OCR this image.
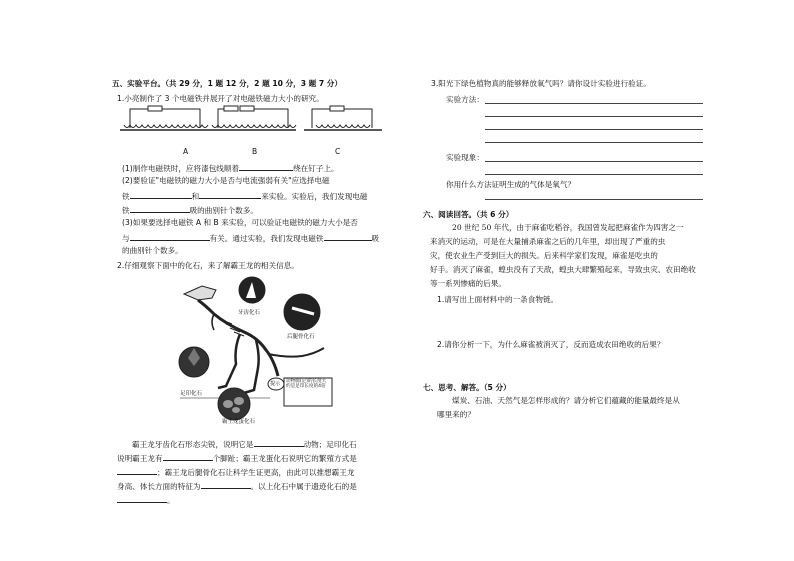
五、实验平台。（共 29 分，1 题 12 分，2 题 10 分，3 题 7 分）
1.小亮制作了 3 个电磁铁并展开了对电磁铁磁力大小的研究。
A	B	C
(1)制作电磁铁时，应将漆包线顺着	绕在钉子上。
(2)要验证"电磁铁的磁力大小是否与电流强弱有关"应选择电磁
铁	和	来实验。实验后，我们发现电磁
铁	吸的曲别针个数多。
(3)如果要选择电磁铁 A 和 B 来实验，可以验证电磁铁的磁力大小是否
与	有关。通过实验，我们发现电磁铁	吸
的曲别针个数多。
2.仔细观察下面中的化石，来了解霸王龙的相关信息。
牙齿化石
后腿骨化石
足印化石
霸王龙蛋化石
提示 动物腿(足)的长度大约是足印长度的4倍
霸王龙牙齿化石形态尖锐，说明它是	动物；足印化石
说明霸王龙有	个脚趾；霸王龙蛋化石说明它的繁殖方式是
；霸王龙后腿骨化石让科学生证更高，由此可以推想霸王龙
身高、体长方面的特征为	。以上化石中属于遗迹化石的是
。
3.阳光下绿色植物真的能够释放氧气吗？请你设计实验进行验证。
实验方法：
实验现象：
你用什么方法证明生成的气体是氧气？
六、阅读回答。（共 6 分）
20 世纪 50 年代，由于麻雀吃稻谷，我国曾发起把麻雀作为四害之一
来消灭的运动，可是在大量捕杀麻雀之后的几年里，却出现了严重的虫
灾，使农业生产受到巨大的损失。后来科学家们发现，麻雀是吃虫的
好手。消灭了麻雀，蝗虫没有了天敌，蝗虫大肆繁殖起来，导致虫灾、农田绝收
等一系列惨痛的后果。
1.请写出上面材料中的一条食物链。
2.请你分析一下，为什么麻雀被消灭了，反而造成农田绝收的后果？
七、思考、解答。（5 分）
煤炭、石油、天然气是怎样形成的？请分析它们蕴藏的能量最终是从
哪里来的？
